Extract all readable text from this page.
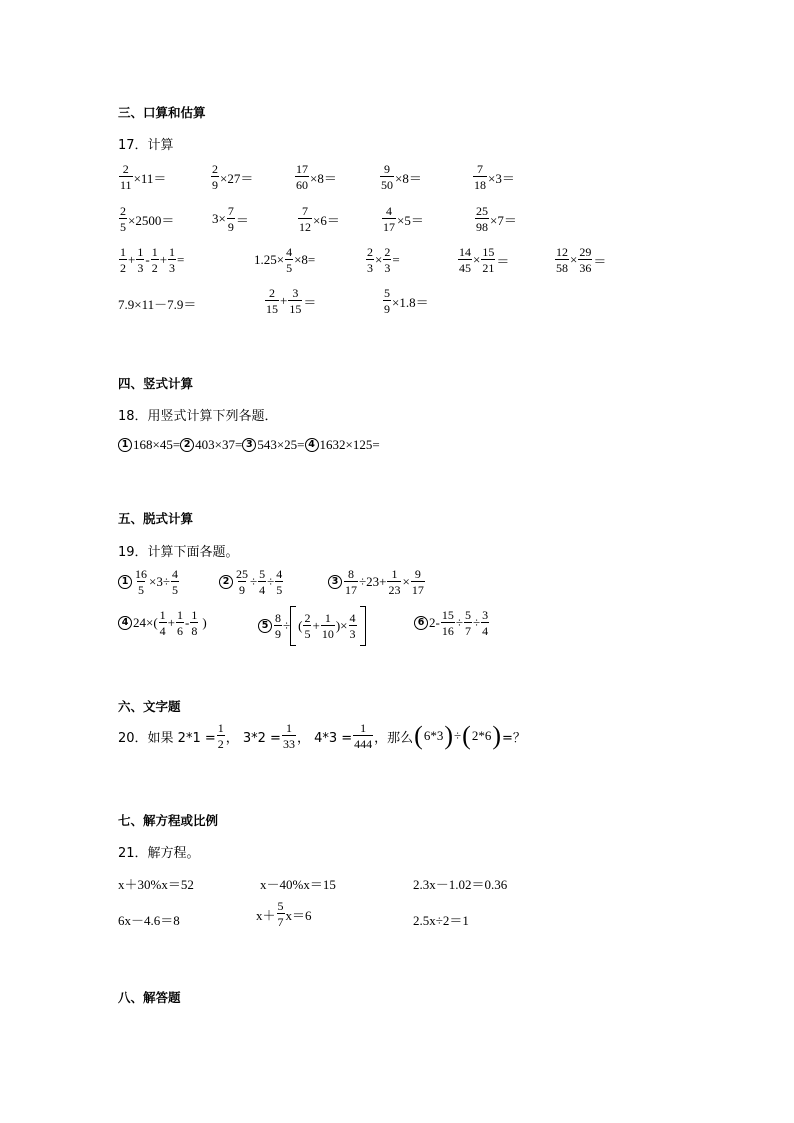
三、口算和估算
17．计算
$\frac{2}{11} \times 11=$	$\frac{2}{9} \times 27=$	$\frac{17}{60} \times 8=$	$\frac{9}{50} \times 8=$	$\frac{7}{18} \times 3=$
$\frac{2}{5} \times 2500=$	$3\times \frac{7}{9}$ ＝	$\frac{7}{12} \times 6=$	$\frac{4}{17} \times 5=$	$\frac{25}{98} \times 7=$
$\frac{1}{2} + \frac{1}{3} - \frac{1}{2} + \frac{1}{3}$ =	$1.25\times \frac{4}{5} \times 8=$	$\frac{2}{3} \times \frac{2}{3}$ =	$\frac{14}{45} \times \frac{15}{21}$ ＝	$\frac{12}{58} \times \frac{29}{36}$ ＝
7.9×11－7.9＝	$\frac{2}{15} + \frac{3}{15}$ ＝	$\frac{5}{9} \times 1.8=$
四、竖式计算
18．用竖式计算下列各题．
1 168×45= 2 403×37= 3 543×25= 4 1632×125=
五、脱式计算
19．计算下面各题。
$1 \frac{16}{5} \times 3\div \frac{4}{5}$	$2 \frac{25}{9} \div \frac{5}{4} \div \frac{4}{5}$	$3 \frac{8}{17} \div 23+ \frac{1}{23} \times \frac{9}{17}$
4 $24\times( \frac{1}{4} + \frac{1}{6} - \frac{1}{8}$ )	$5 \frac{8}{9}$ ÷ ( $\frac{2}{5} + \frac{1}{10}$ )× $\frac{4}{3}$	6 $2- \frac{15}{16} \div \frac{5}{7} \div \frac{3}{4}$
六、文字题
20．如果 $2*1 = \frac{1}{2}$ ， $3*2 = \frac{1}{33}$ ， $4*3 = \frac{1}{444}$ ，那么 ( 6*3 ) ÷ ( 2*6 ) =？
七、解方程或比例
21．解方程。
x＋30%x＝52	x－40%x＝15	2.3x－1.02＝0.36
6x－4.6＝8	$x+ \frac{5}{7} x=6$	2.5x÷2＝1
八、解答题
